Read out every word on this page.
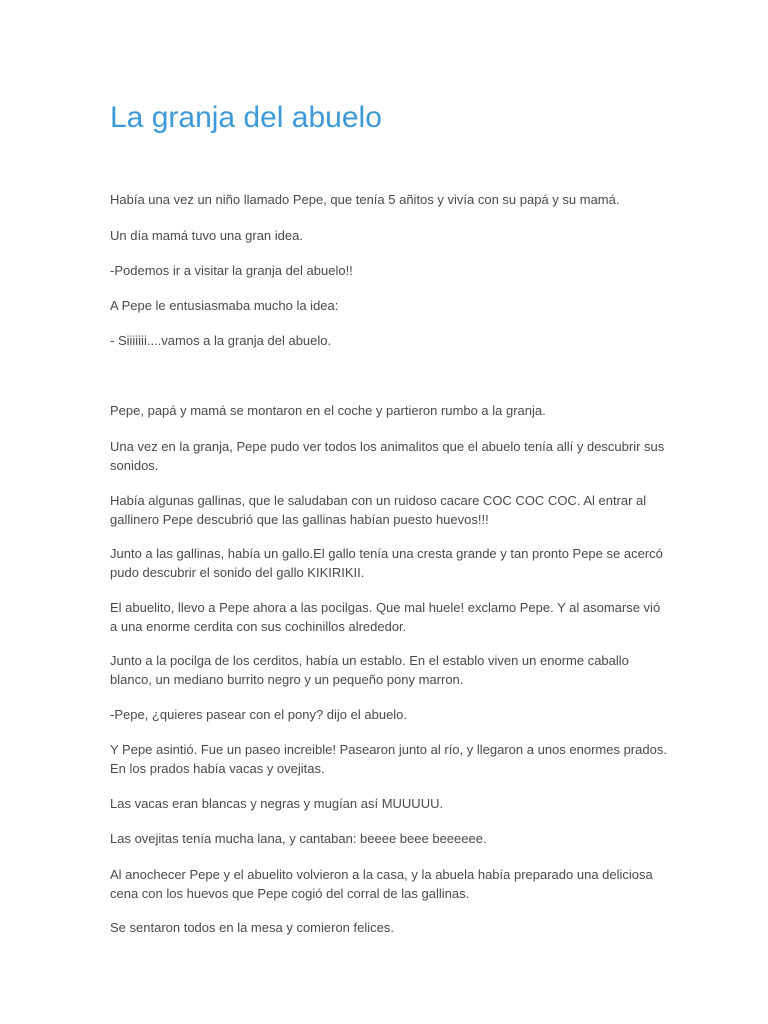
La granja del abuelo

Había una vez un niño llamado Pepe, que tenía 5 añitos y vivía con su papá y su mamá.

Un día mamá tuvo una gran idea.

-Podemos ir a visitar la granja del abuelo!!

A Pepe le entusiasmaba mucho la idea:

- Siiiiiii....vamos a la granja del abuelo.

Pepe, papá y mamá se montaron en el coche y partieron rumbo a la granja.

Una vez en la granja, Pepe pudo ver todos los animalitos que el abuelo tenía allí y descubrir sus sonidos.

Había algunas gallinas, que le saludaban con un ruidoso cacare COC COC COC. Al entrar al gallinero Pepe descubrió que las gallinas habían puesto huevos!!!

Junto a las gallinas, había un gallo.El gallo tenía una cresta grande y tan pronto Pepe se acercó pudo descubrir el sonido del gallo KIKIRIKII.

El abuelito, llevo a Pepe ahora a las pocilgas. Que mal huele! exclamo Pepe. Y al asomarse vió a una enorme cerdita con sus cochinillos alrededor.

Junto a la pocilga de los cerditos, había un establo. En el establo viven un enorme caballo blanco, un mediano burrito negro y un pequeño pony marron.

-Pepe, ¿quieres pasear con el pony? dijo el abuelo.

Y Pepe asintió. Fue un paseo increible! Pasearon junto al río, y llegaron a unos enormes prados. En los prados había vacas y ovejitas.

Las vacas eran blancas y negras y mugían así MUUUUU.

Las ovejitas tenía mucha lana, y cantaban: beeee beee beeeeee.

Al anochecer Pepe y el abuelito volvieron a la casa, y la abuela había preparado una deliciosa cena con los huevos que Pepe cogió del corral de las gallinas.

Se sentaron todos en la mesa y comieron felices.
